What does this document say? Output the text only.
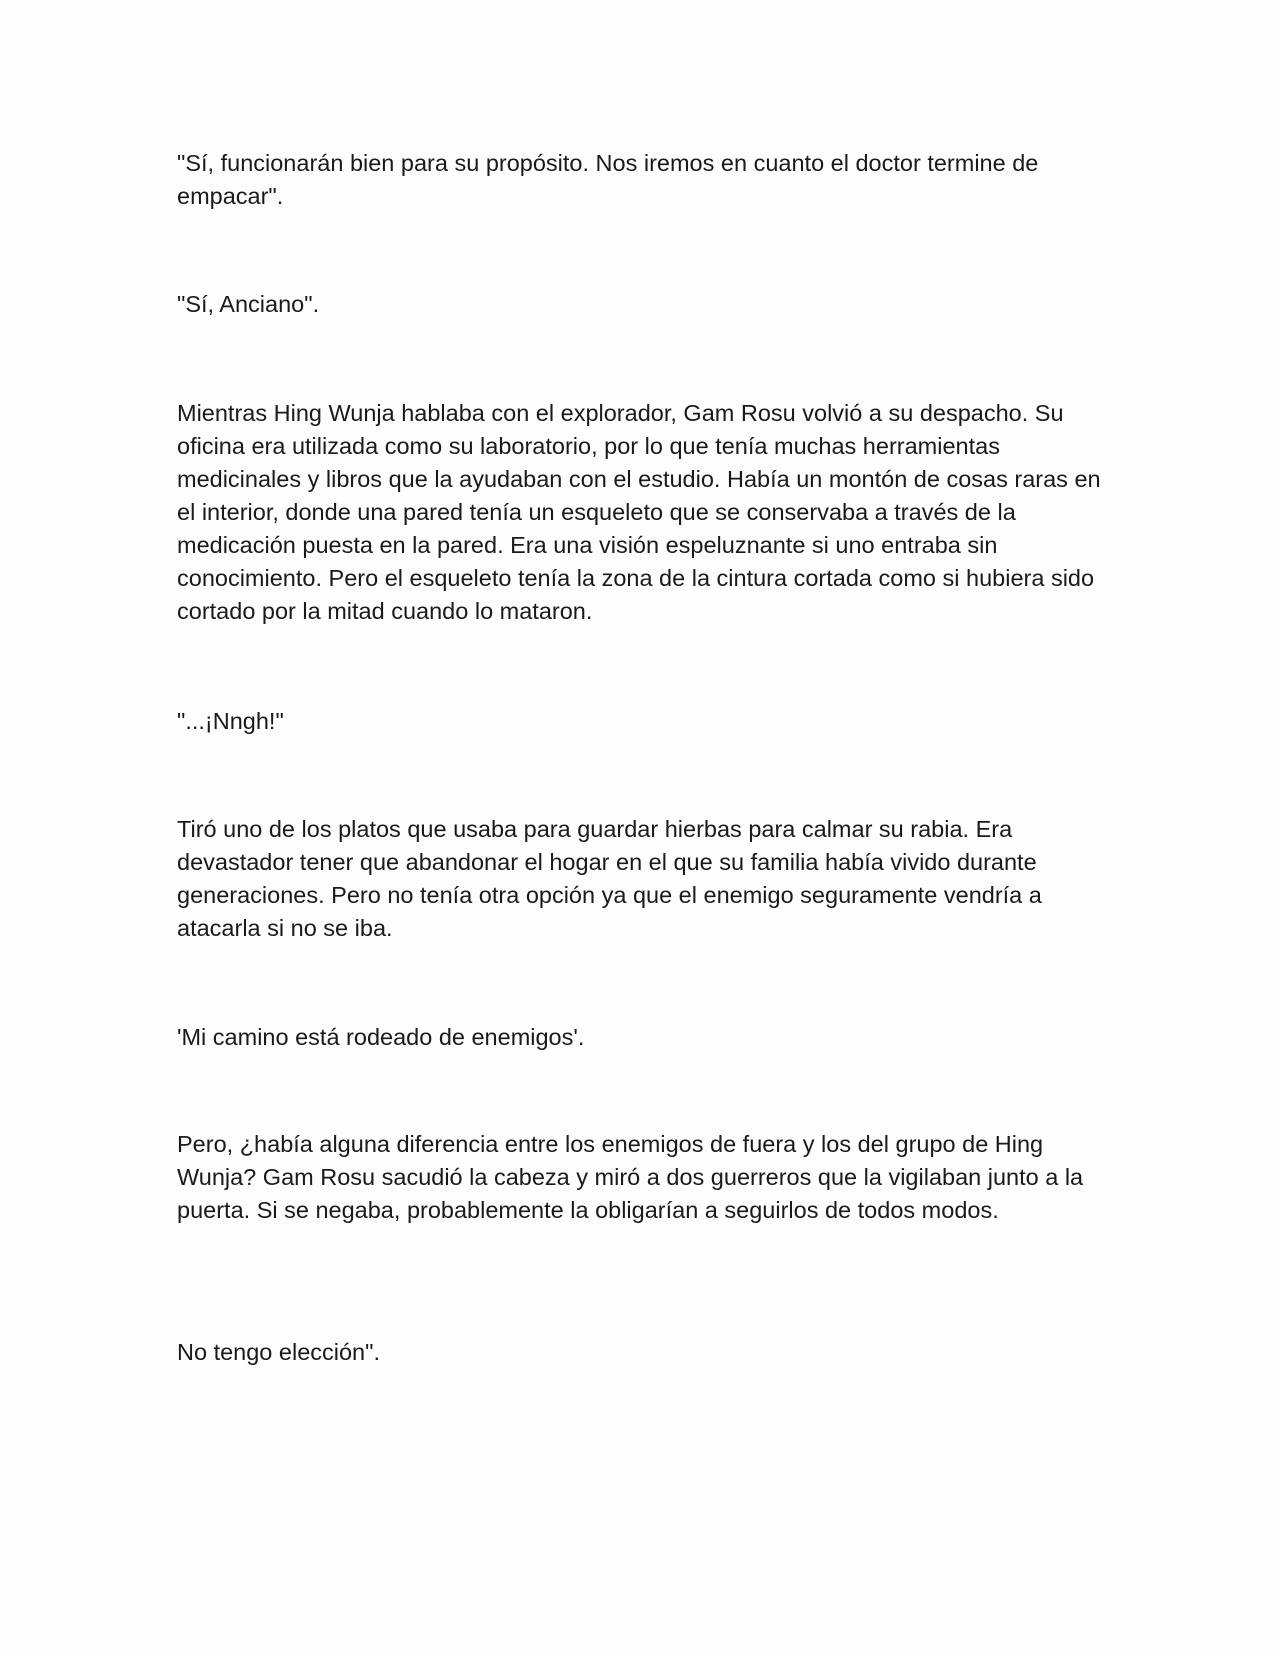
"Sí, funcionarán bien para su propósito. Nos iremos en cuanto el doctor termine de empacar".

"Sí, Anciano".

Mientras Hing Wunja hablaba con el explorador, Gam Rosu volvió a su despacho. Su oficina era utilizada como su laboratorio, por lo que tenía muchas herramientas medicinales y libros que la ayudaban con el estudio. Había un montón de cosas raras en el interior, donde una pared tenía un esqueleto que se conservaba a través de la medicación puesta en la pared. Era una visión espeluznante si uno entraba sin conocimiento. Pero el esqueleto tenía la zona de la cintura cortada como si hubiera sido cortado por la mitad cuando lo mataron.

"...¡Nngh!"

Tiró uno de los platos que usaba para guardar hierbas para calmar su rabia. Era devastador tener que abandonar el hogar en el que su familia había vivido durante generaciones. Pero no tenía otra opción ya que el enemigo seguramente vendría a atacarla si no se iba.

'Mi camino está rodeado de enemigos'.

Pero, ¿había alguna diferencia entre los enemigos de fuera y los del grupo de Hing Wunja? Gam Rosu sacudió la cabeza y miró a dos guerreros que la vigilaban junto a la puerta. Si se negaba, probablemente la obligarían a seguirlos de todos modos.

No tengo elección".
